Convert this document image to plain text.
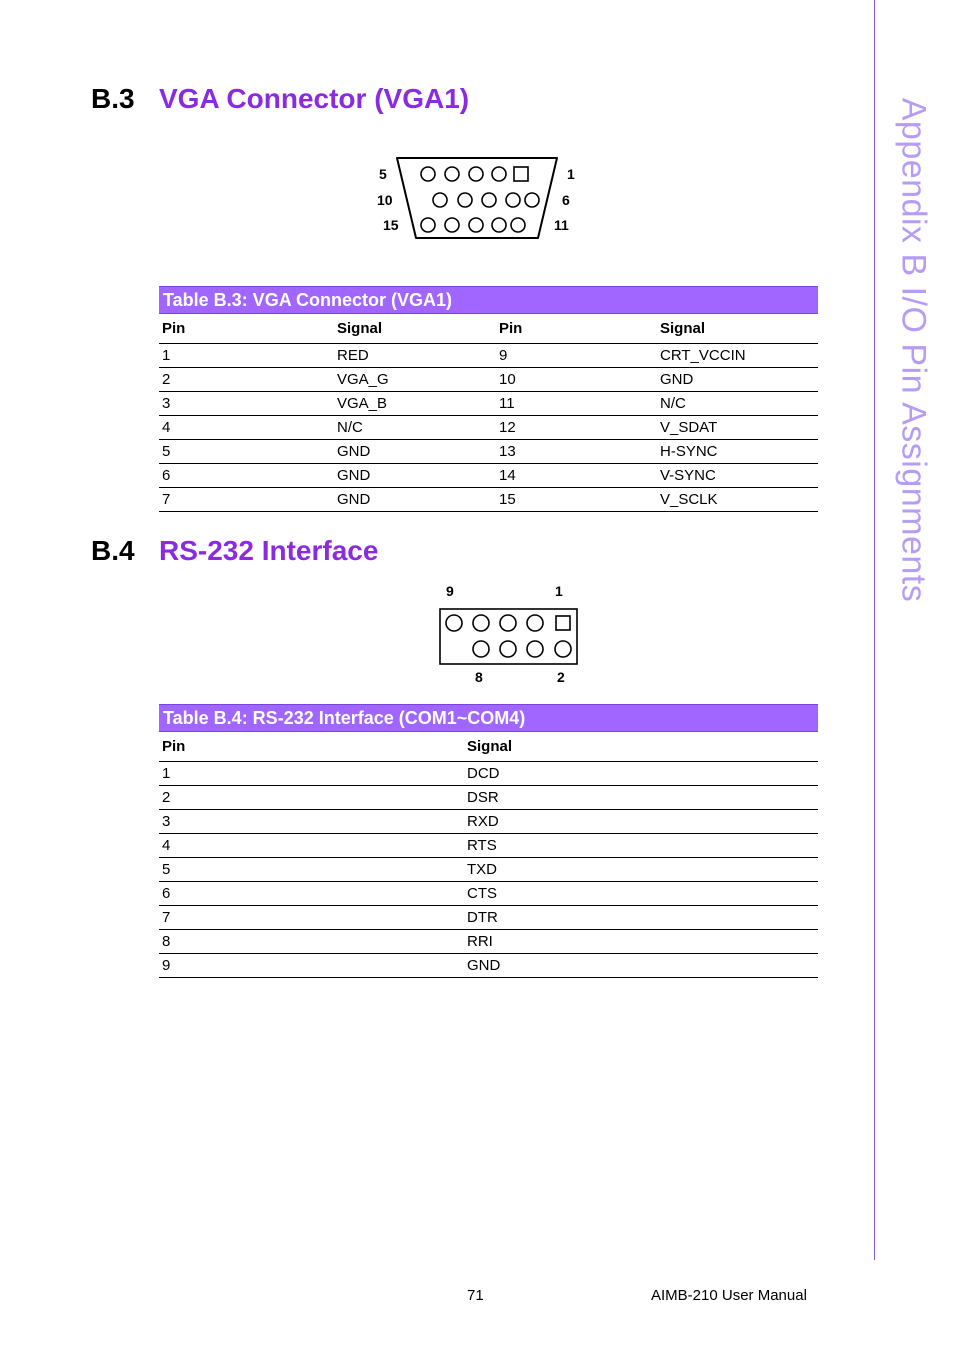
Appendix B I/O Pin Assignments
B.3 VGA Connector (VGA1)
5
10
15
1
6
11
Table B.3: VGA Connector (VGA1)
Pin	Signal	Pin	Signal
1	RED	9	CRT_VCCIN
2	VGA_G	10	GND
3	VGA_B	11	N/C
4	N/C	12	V_SDAT
5	GND	13	H-SYNC
6	GND	14	V-SYNC
7	GND	15	V_SCLK
B.4 RS-232 Interface
9	1
8	2
Table B.4: RS-232 Interface (COM1~COM4)
Pin	Signal
1	DCD
2	DSR
3	RXD
4	RTS
5	TXD
6	CTS
7	DTR
8	RRI
9	GND
71	AIMB-210 User Manual
